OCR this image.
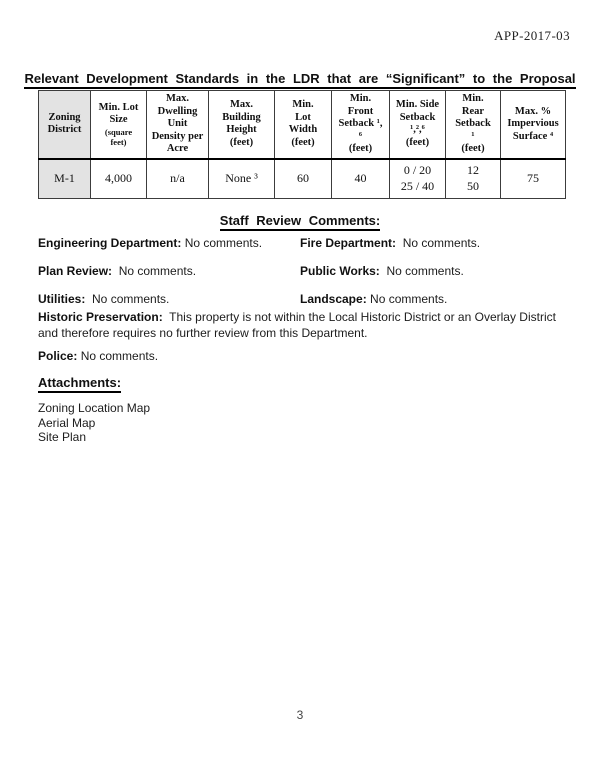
APP-2017-03
Relevant Development Standards in the LDR that are “Significant” to the Proposal
Zoning
District	Min. Lot
Size
(square
feet)	Max.
Dwelling
Unit
Density per
Acre	Max.
Building
Height
(feet)	Min.
Lot
Width
(feet)	Min.
Front
Setback ¹,
⁶
(feet)	Min. Side
Setback
¹,²,⁶
(feet)	Min.
Rear
Setback
¹
(feet)	Max. %
Impervious
Surface ⁴
M-1	4,000	n/a	None ³	60	40	0 / 20
25 / 40	12
50	75
Staff Review Comments:
Engineering Department: No comments.	Fire Department: No comments.
Plan Review: No comments.	Public Works: No comments.
Utilities: No comments.	Landscape: No comments.

Historic Preservation: This property is not within the Local Historic District or an Overlay District and therefore requires no further review from this Department.

Police: No comments.

Attachments:
Zoning Location Map
Aerial Map
Site Plan
3
